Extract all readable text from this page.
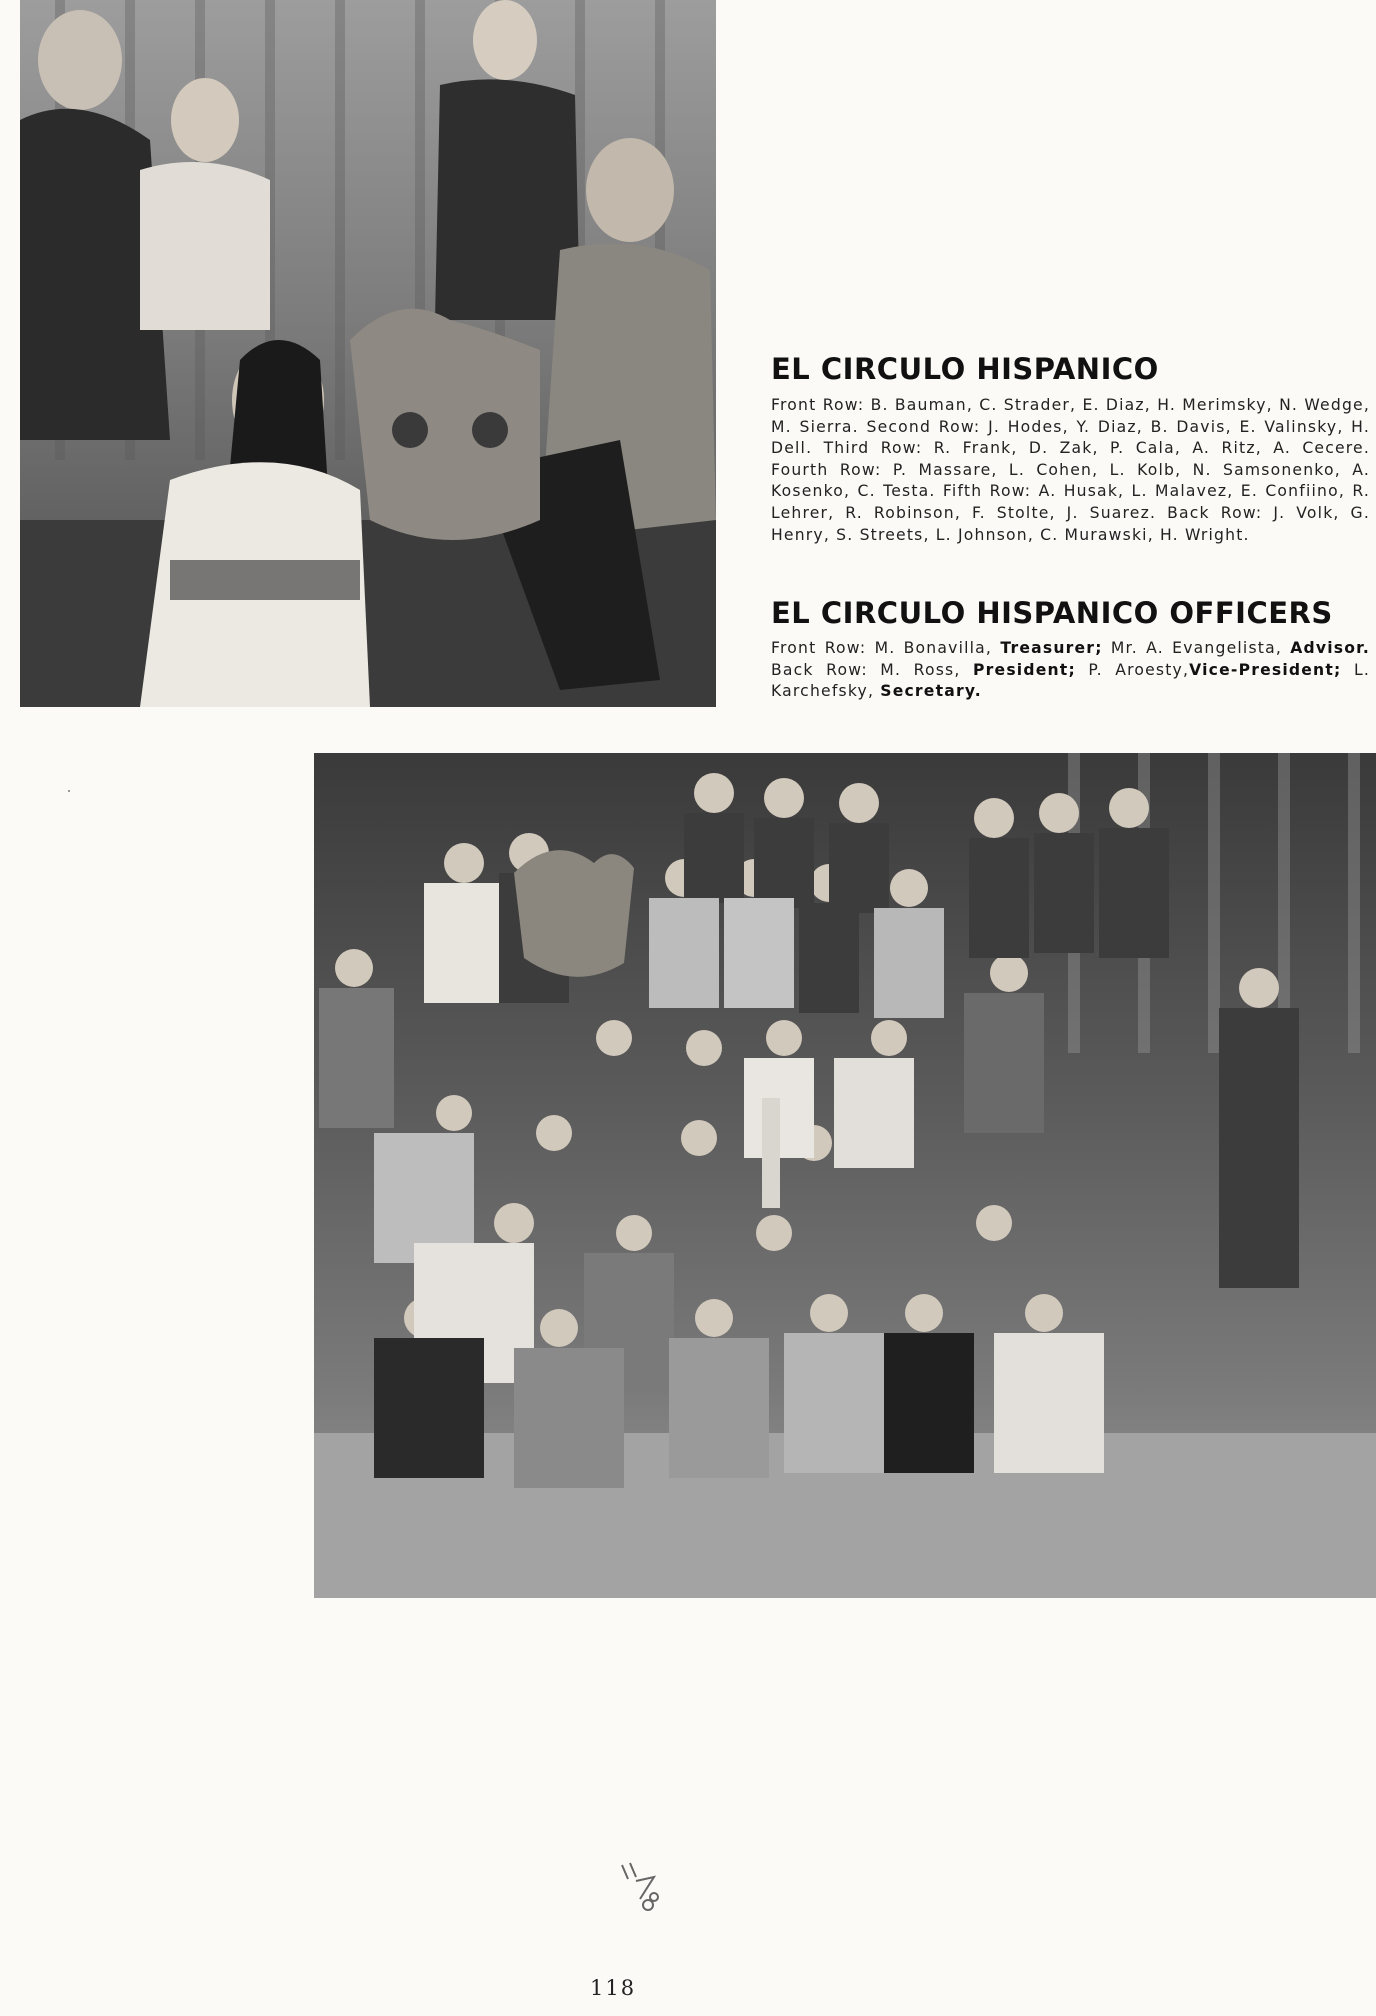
EL CIRCULO HISPANICO

Front Row: B. Bauman, C. Strader, E. Diaz, H. Merimsky, N. Wedge, M. Sierra. Second Row: J. Hodes, Y. Diaz, B. Davis, E. Valinsky, H. Dell. Third Row: R. Frank, D. Zak, P. Cala, A. Ritz, A. Cecere. Fourth Row: P. Massare, L. Cohen, L. Kolb, N. Samsonenko, A. Kosenko, C. Testa. Fifth Row: A. Husak, L. Malavez, E. Confiino, R. Lehrer, R. Robinson, F. Stolte, J. Suarez. Back Row: J. Volk, G. Henry, S. Streets, L. Johnson, C. Murawski, H. Wright.

EL CIRCULO HISPANICO OFFICERS

Front Row: M. Bonavilla, Treasurer; Mr. A. Evangelista, Advisor. Back Row: M. Ross, President; P. Aroesty,Vice-President; L. Karchefsky, Secretary.

118
